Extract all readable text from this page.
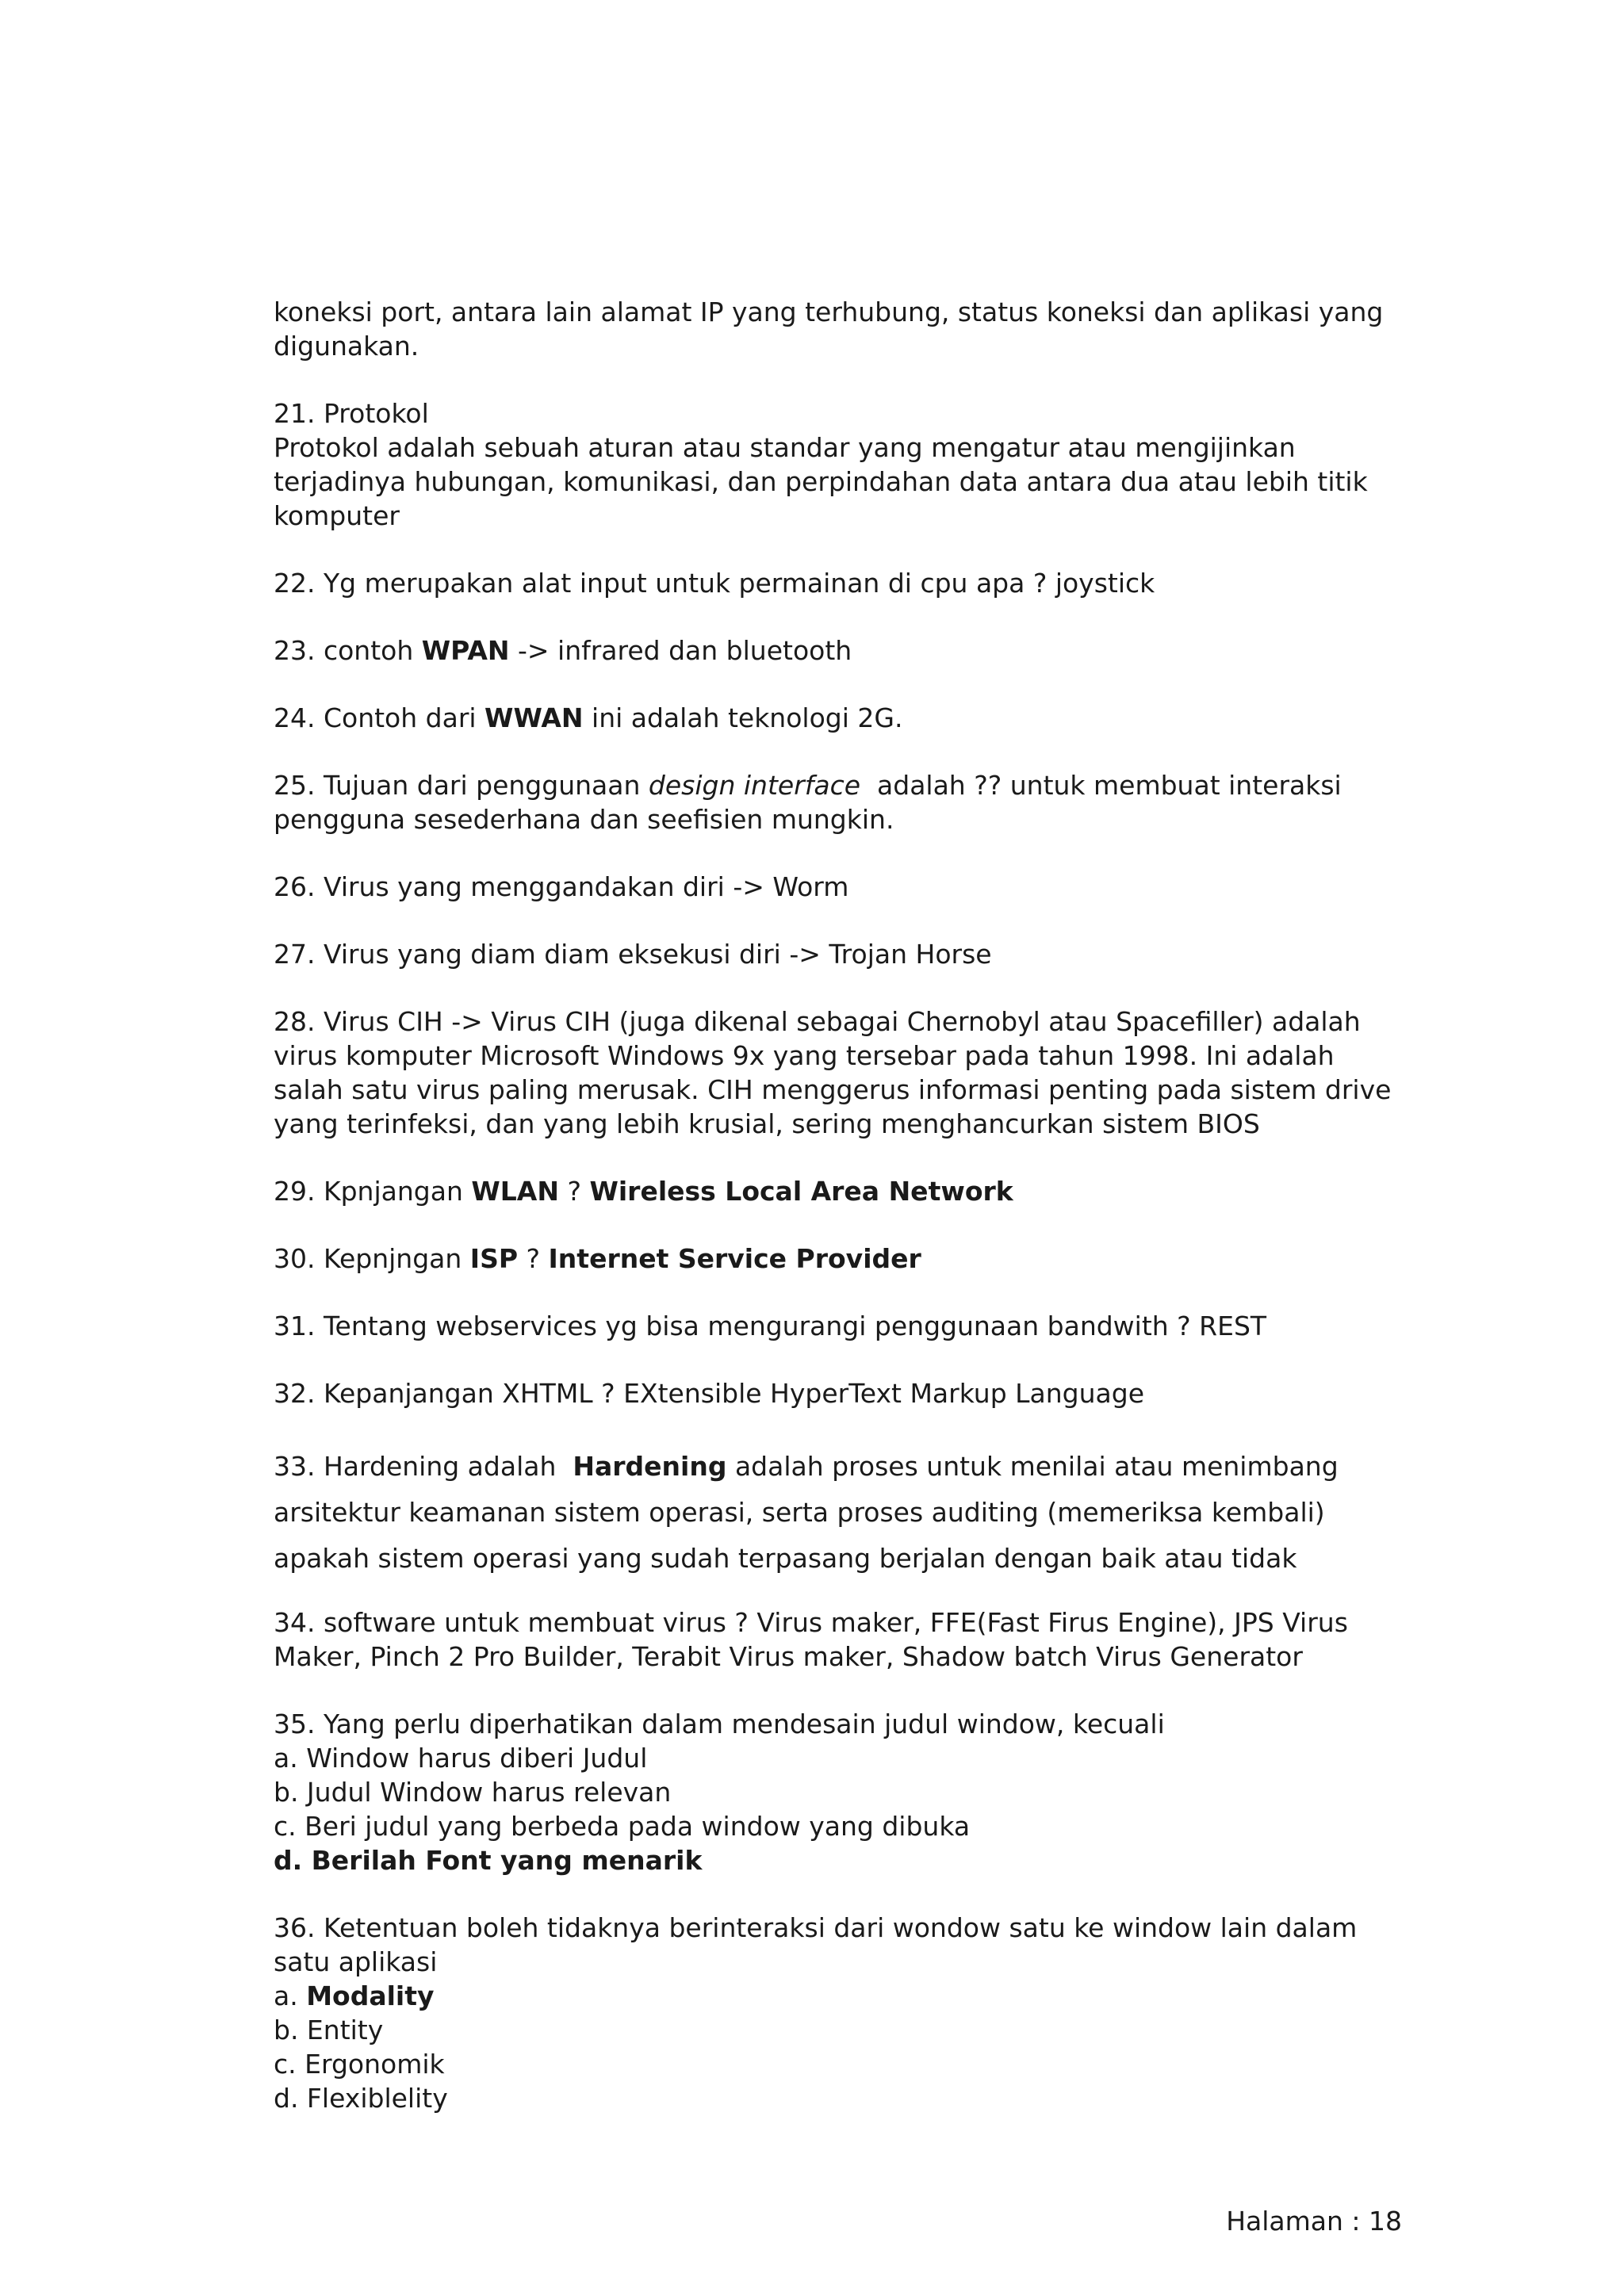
koneksi port, antara lain alamat IP yang terhubung, status koneksi dan aplikasi yang
digunakan.
21. Protokol
Protokol adalah sebuah aturan atau standar yang mengatur atau mengijinkan
terjadinya hubungan, komunikasi, dan perpindahan data antara dua atau lebih titik
komputer
22. Yg merupakan alat input untuk permainan di cpu apa ? joystick
23. contoh WPAN -> infrared dan bluetooth
24. Contoh dari WWAN ini adalah teknologi 2G.
25. Tujuan dari penggunaan design interface  adalah ?? untuk membuat interaksi
pengguna sesederhana dan seefisien mungkin.
26. Virus yang menggandakan diri -> Worm
27. Virus yang diam diam eksekusi diri -> Trojan Horse
28. Virus CIH -> Virus CIH (juga dikenal sebagai Chernobyl atau Spacefiller) adalah
virus komputer Microsoft Windows 9x yang tersebar pada tahun 1998. Ini adalah
salah satu virus paling merusak. CIH menggerus informasi penting pada sistem drive
yang terinfeksi, dan yang lebih krusial, sering menghancurkan sistem BIOS
29. Kpnjangan WLAN ? Wireless Local Area Network
30. Kepnjngan ISP ? Internet Service Provider
31. Tentang webservices yg bisa mengurangi penggunaan bandwith ? REST
32. Kepanjangan XHTML ? EXtensible HyperText Markup Language
33. Hardening adalah  Hardening adalah proses untuk menilai atau menimbang
arsitektur keamanan sistem operasi, serta proses auditing (memeriksa kembali)
apakah sistem operasi yang sudah terpasang berjalan dengan baik atau tidak
34. software untuk membuat virus ? Virus maker, FFE(Fast Firus Engine), JPS Virus
Maker, Pinch 2 Pro Builder, Terabit Virus maker, Shadow batch Virus Generator
35. Yang perlu diperhatikan dalam mendesain judul window, kecuali
a. Window harus diberi Judul
b. Judul Window harus relevan
c. Beri judul yang berbeda pada window yang dibuka
d. Berilah Font yang menarik
36. Ketentuan boleh tidaknya berinteraksi dari wondow satu ke window lain dalam
satu aplikasi
a. Modality
b. Entity
c. Ergonomik
d. Flexiblelity
Halaman : 18
